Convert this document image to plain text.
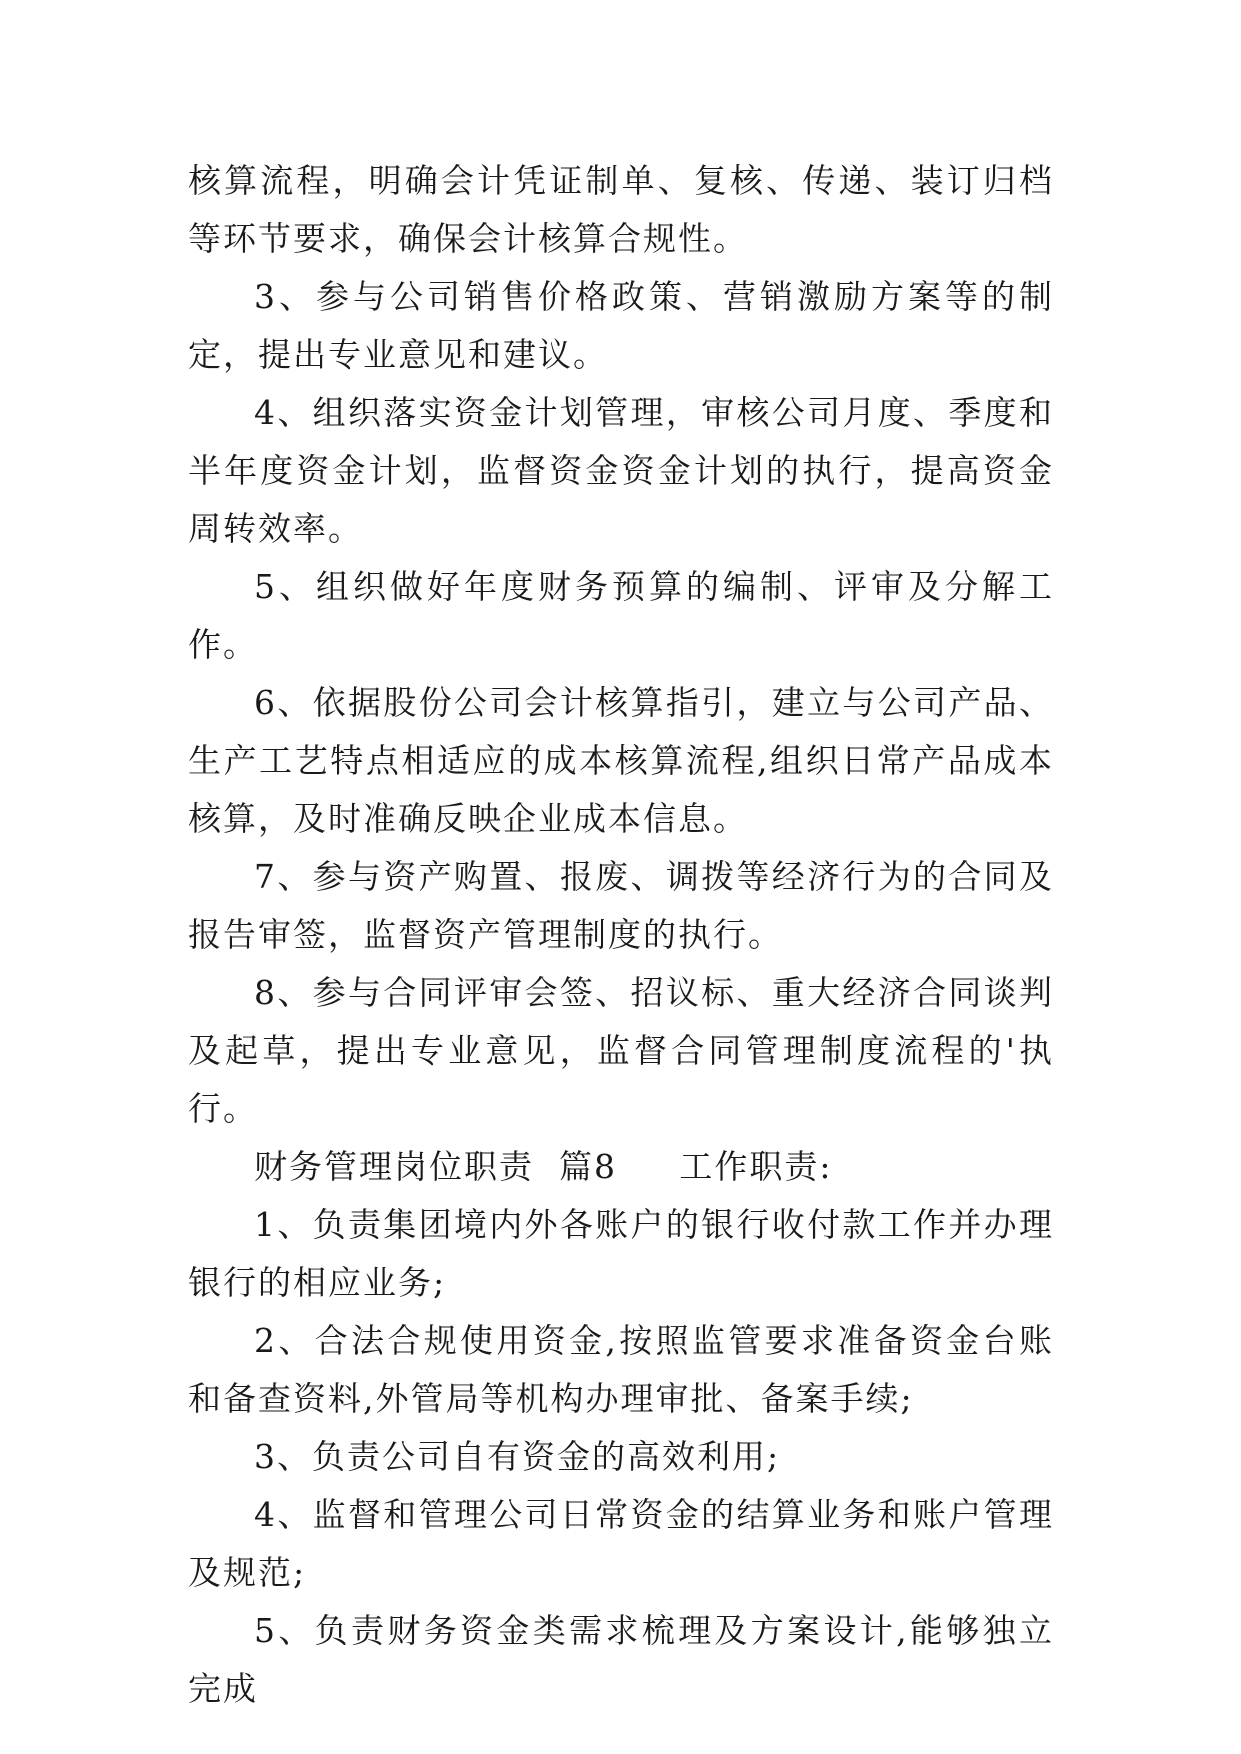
核算流程，明确会计凭证制单、复核、传递、装订归档等环节要求，确保会计核算合规性。

3、参与公司销售价格政策、营销激励方案等的制定，提出专业意见和建议。

4、组织落实资金计划管理，审核公司月度、季度和半年度资金计划，监督资金资金计划的执行，提高资金周转效率。

5、组织做好年度财务预算的编制、评审及分解工作。

6、依据股份公司会计核算指引，建立与公司产品、生产工艺特点相适应的成本核算流程,组织日常产品成本核算，及时准确反映企业成本信息。

7、参与资产购置、报废、调拨等经济行为的合同及报告审签，监督资产管理制度的执行。

8、参与合同评审会签、招议标、重大经济合同谈判及起草，提出专业意见，监督合同管理制度流程的'执行。

财务管理岗位职责  篇8     工作职责:

1、负责集团境内外各账户的银行收付款工作并办理银行的相应业务;

2、合法合规使用资金,按照监管要求准备资金台账和备查资料,外管局等机构办理审批、备案手续;

3、负责公司自有资金的高效利用;

4、监督和管理公司日常资金的结算业务和账户管理及规范;

5、负责财务资金类需求梳理及方案设计,能够独立完成
